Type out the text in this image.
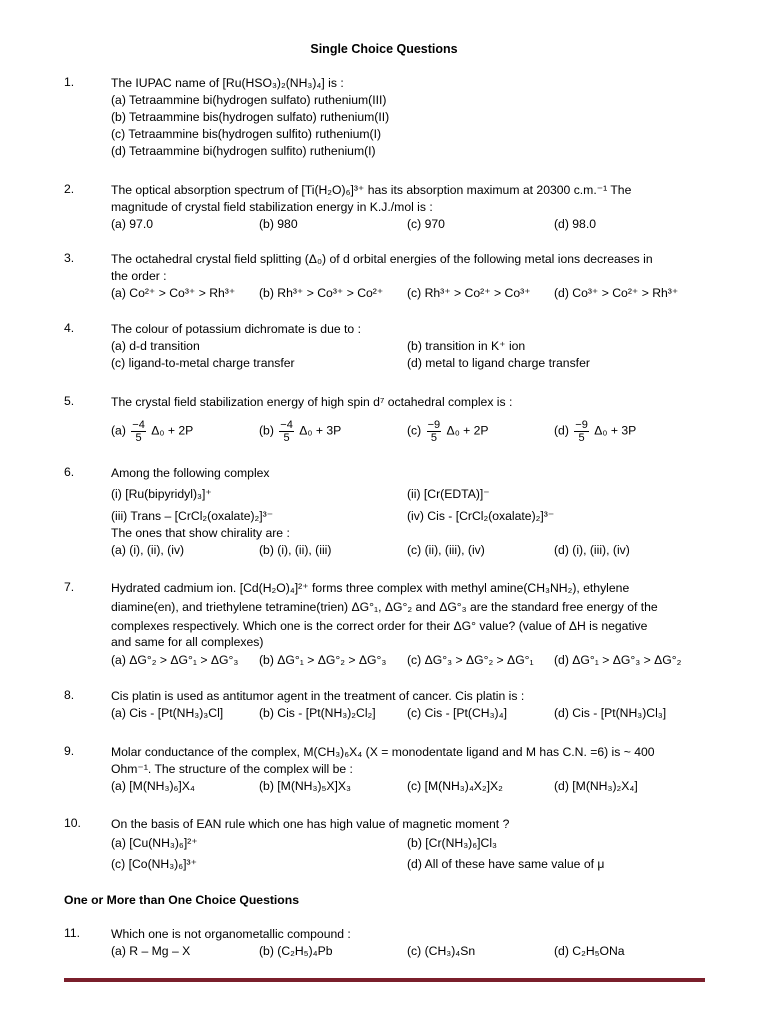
Single Choice Questions
1.	The IUPAC name of [Ru(HSO₃)₂(NH₃)₄] is :
(a) Tetraammine bi(hydrogen sulfato) ruthenium(III)
(b) Tetraammine bis(hydrogen sulfato) ruthenium(II)
(c) Tetraammine bis(hydrogen sulfito) ruthenium(I)
(d) Tetraammine bi(hydrogen sulfito) ruthenium(I)
2.	The optical absorption spectrum of [Ti(H₂O)₆]³⁺ has its absorption maximum at 20300 c.m.⁻¹ The
magnitude of crystal field stabilization energy in K.J./mol is :
(a) 97.0	(b) 980	(c) 970	(d) 98.0
3.	The octahedral crystal field splitting (Δ₀) of d orbital energies of the following metal ions decreases in
the order :
(a) Co²⁺ > Co³⁺ > Rh³⁺ (b) Rh³⁺ > Co³⁺ > Co²⁺ (c) Rh³⁺ > Co²⁺ > Co³⁺ (d) Co³⁺ > Co²⁺ > Rh³⁺
4.	The colour of potassium dichromate is due to :
(a) d-d transition	(b) transition in K⁺ ion
(c) ligand-to-metal charge transfer	(d) metal to ligand charge transfer
5.	The crystal field stabilization energy of high spin d⁷ octahedral complex is :
$(a) \frac{-4}{5} \Delta_0 + 2P$	$(b) \frac{-4}{5} \Delta_0 + 3P$	$(c) \frac{-9}{5} \Delta_0 + 2P$	$(d) \frac{-9}{5} \Delta_0 + 3P$
6.	Among the following complex
(i) [Ru(bipyridyl)₃]⁺	(ii) [Cr(EDTA)]⁻
(iii) Trans – [CrCl₂(oxalate)₂]³⁻	(iv) Cis - [CrCl₂(oxalate)₂]³⁻
The ones that show chirality are :
(a) (i), (ii), (iv)	(b) (i), (ii), (iii)	(c) (ii), (iii), (iv)	(d) (i), (iii), (iv)
7.	Hydrated cadmium ion. [Cd(H₂O)₄]²⁺ forms three complex with methyl amine(CH₃NH₂), ethylene
diamine(en), and triethylene tetramine(trien) ΔG°₁, ΔG°₂ and ΔG°₃ are the standard free energy of the
complexes respectively. Which one is the correct order for their ΔG° value? (value of ΔH is negative
and same for all complexes)
(a) ΔG°₂ > ΔG°₁ > ΔG°₃ (b) ΔG°₁ > ΔG°₂ > ΔG°₃ (c) ΔG°₃ > ΔG°₂ > ΔG°₁ (d) ΔG°₁ > ΔG°₃ > ΔG°₂
8.	Cis platin is used as antitumor agent in the treatment of cancer. Cis platin is :
(a) Cis - [Pt(NH₃)₃Cl]	(b) Cis - [Pt(NH₃)₂Cl₂]	(c) Cis - [Pt(CH₃)₄]	(d) Cis - [Pt(NH₃)Cl₃]
9.	Molar conductance of the complex, M(CH₃)₆X₄ (X = monodentate ligand and M has C.N. =6) is ~ 400
Ohm⁻¹. The structure of the complex will be :
(a) [M(NH₃)₆]X₄	(b) [M(NH₃)₅X]X₃	(c) [M(NH₃)₄X₂]X₂	(d) [M(NH₃)₂X₄]
10.	On the basis of EAN rule which one has high value of magnetic moment ?
(a) [Cu(NH₃)₆]²⁺	(b) [Cr(NH₃)₆]Cl₃
(c) [Co(NH₃)₆]³⁺	(d) All of these have same value of μ
One or More than One Choice Questions
11.	Which one is not organometallic compound :
(a) R – Mg – X	(b) (C₂H₅)₄Pb	(c) (CH₃)₄Sn	(d) C₂H₅ONa
